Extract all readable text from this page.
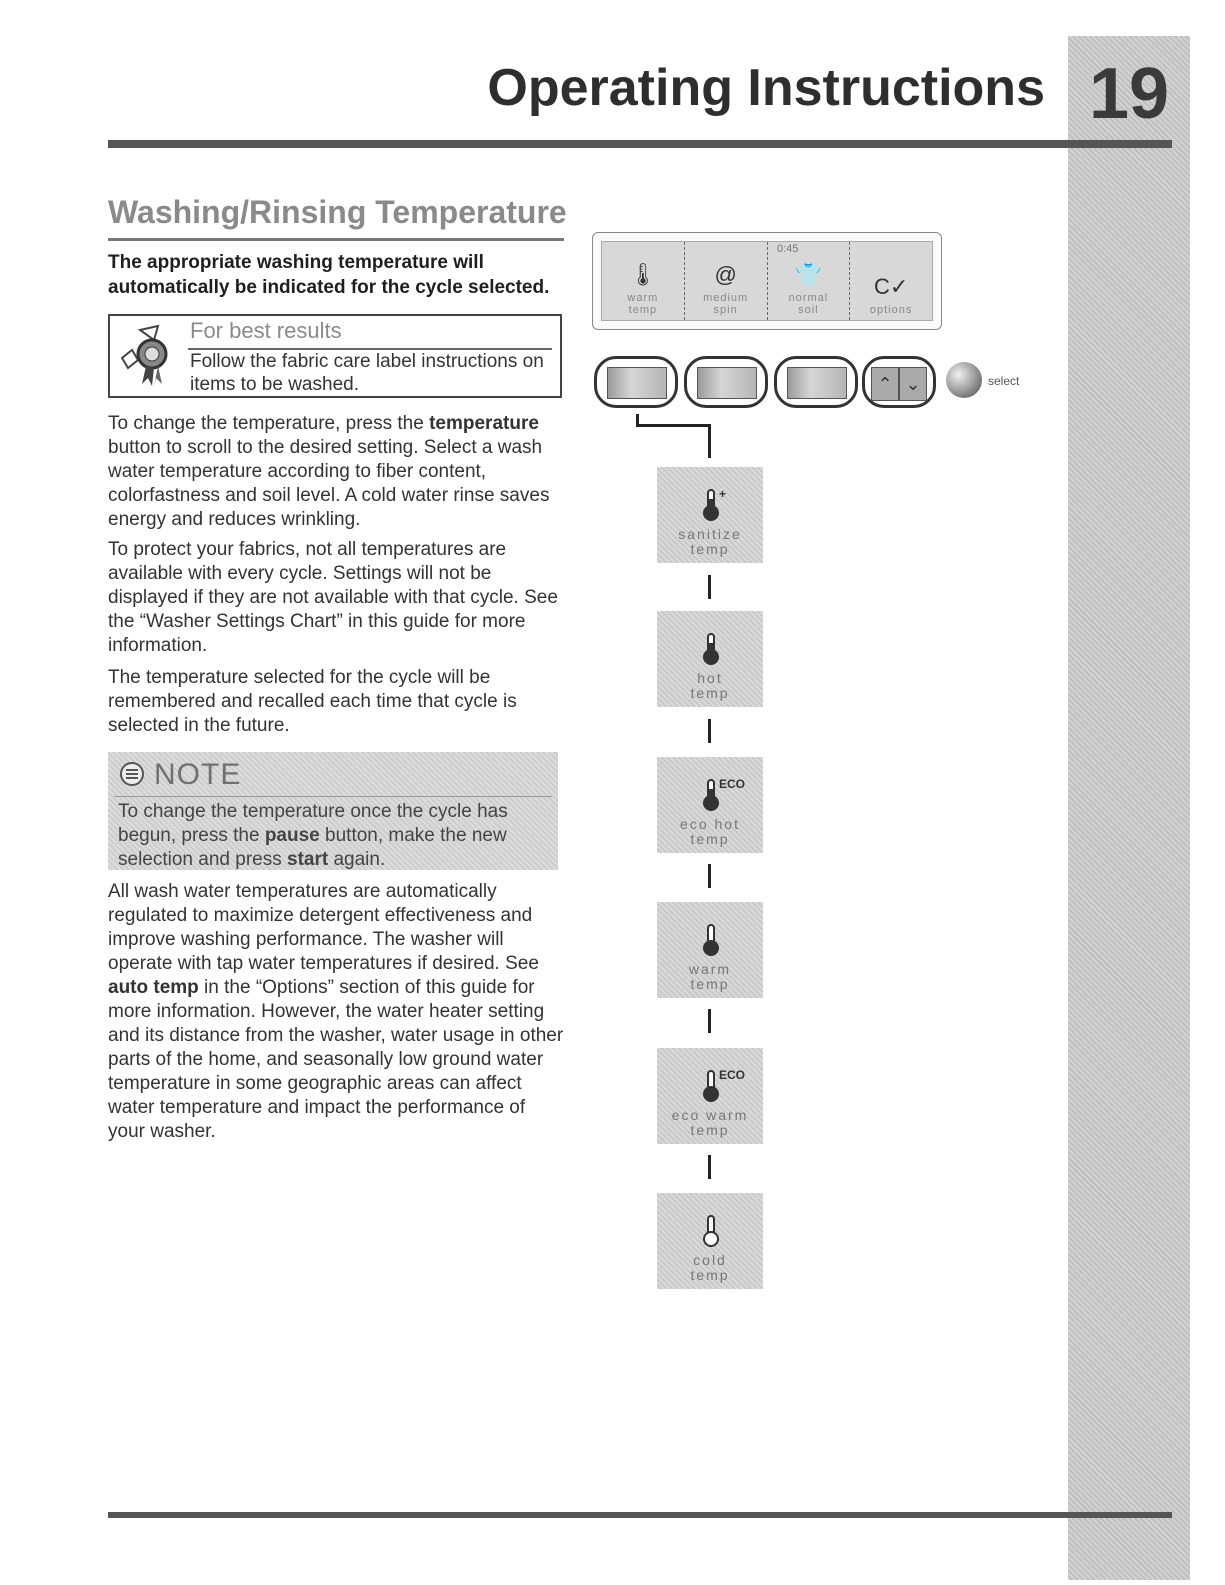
19
Operating Instructions
Washing/Rinsing Temperature

The appropriate washing temperature will automatically be indicated for the cycle selected.

For best results

Follow the fabric care label instructions on items to be washed.

To change the temperature, press the temperature button to scroll to the desired setting. Select a wash water temperature according to fiber content, colorfastness and soil level. A cold water rinse saves energy and reduces wrinkling.

To protect your fabrics, not all temperatures are available with every cycle. Settings will not be displayed if they are not available with that cycle. See the “Washer Settings Chart” in this guide for more information.

The temperature selected for the cycle will be remembered and recalled each time that cycle is selected in the future.

NOTE

To change the temperature once the cycle has begun, press the pause button, make the new selection and press start again.

All wash water temperatures are automatically regulated to maximize detergent effectiveness and improve washing performance. The washer will operate with tap water temperatures if desired. See auto temp in the “Options” section of this guide for more information. However, the water heater setting and its distance from the washer, water usage in other parts of the home, and seasonally low ground water temperature in some geographic areas can affect water temperature and impact the performance of your washer.

0:45
🌡
warm
temp
@
medium
spin
👕
normal
soil
C✓
options
⌃ ⌄	select
+
sanitize
temp
hot
temp
ECO
eco hot
temp
warm
temp
ECO
eco warm
temp
cold
temp
